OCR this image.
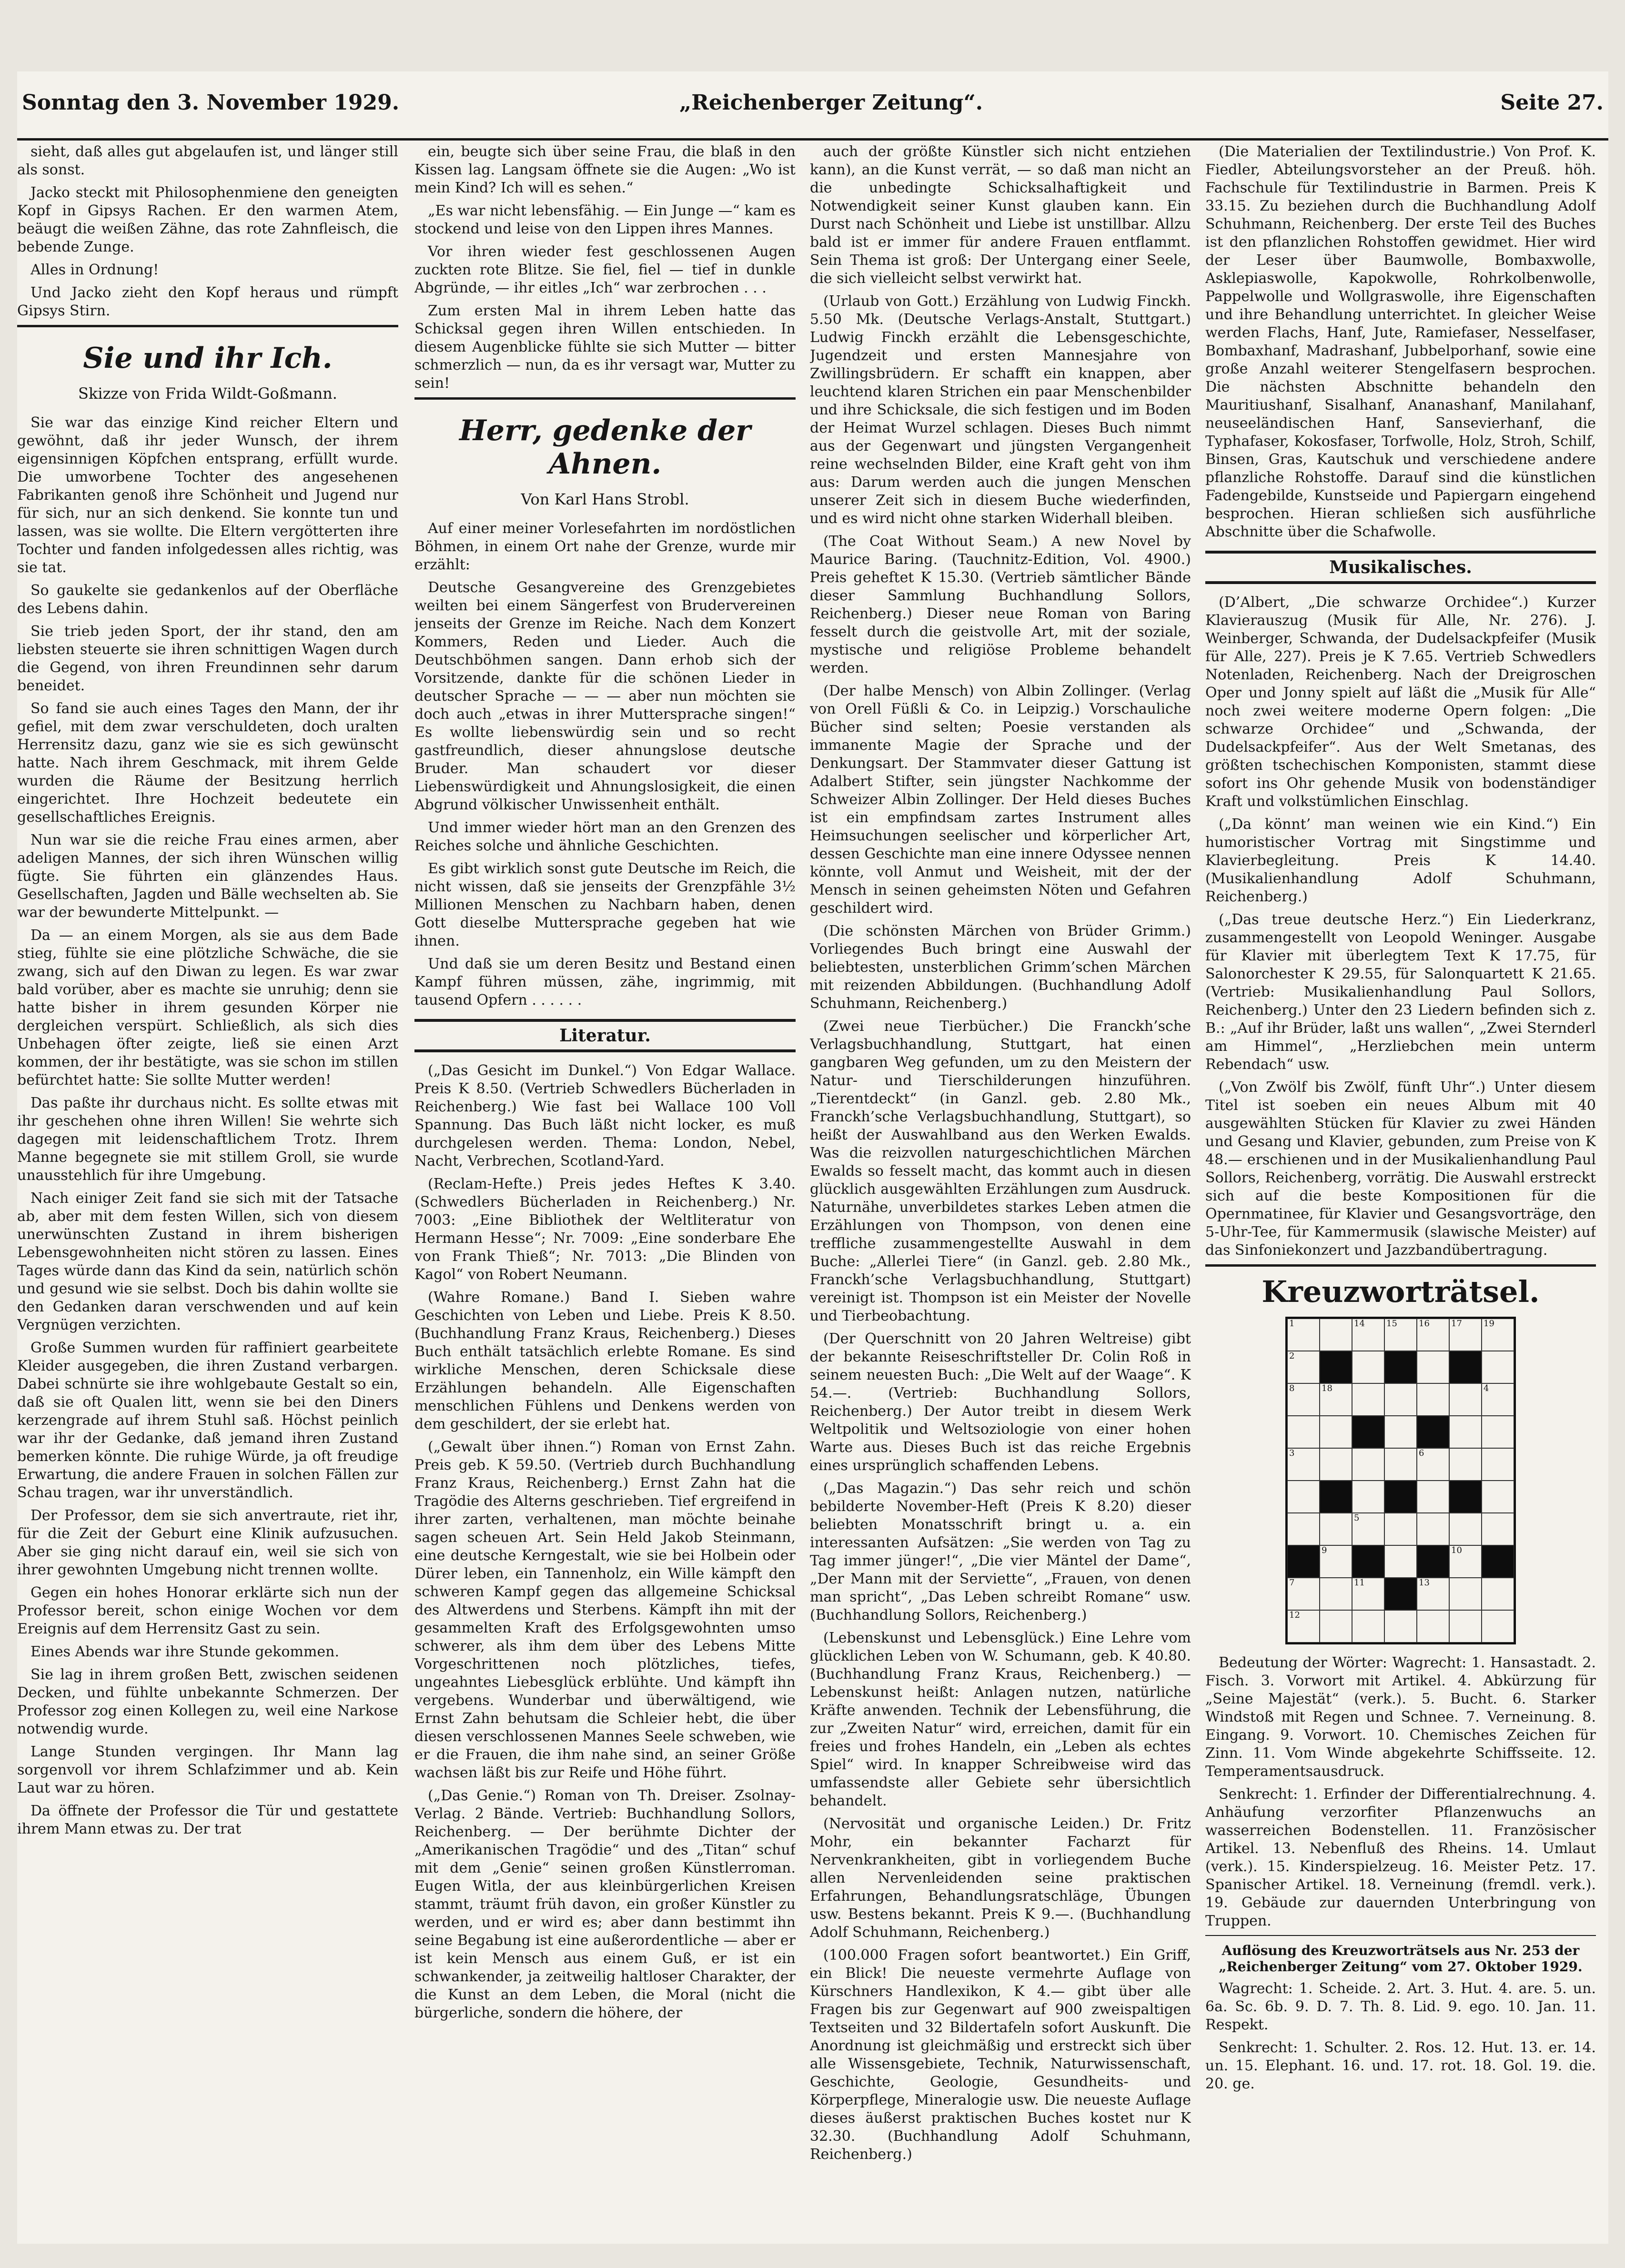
Sonntag den 3. November 1929.	„Reichenberger Zeitung“.	Seite 27.

sieht, daß alles gut abgelaufen ist, und länger still als sonst.

Jacko steckt mit Philosophenmiene den geneigten Kopf in Gipsys Rachen. Er den warmen Atem, beäugt die weißen Zähne, das rote Zahnfleisch, die bebende Zunge.

Alles in Ordnung!

Und Jacko zieht den Kopf heraus und rümpft Gipsys Stirn.

Sie und ihr Ich.
Skizze von Frida Wildt-Goßmann.

Sie war das einzige Kind reicher Eltern und gewöhnt, daß ihr jeder Wunsch, der ihrem eigensinnigen Köpfchen entsprang, erfüllt wurde. Die umworbene Tochter des angesehenen Fabrikanten genoß ihre Schönheit und Jugend nur für sich, nur an sich denkend. Sie konnte tun und lassen, was sie wollte. Die Eltern vergötterten ihre Tochter und fanden infolgedessen alles richtig, was sie tat.

So gaukelte sie gedankenlos auf der Oberfläche des Lebens dahin.

Sie trieb jeden Sport, der ihr stand, den am liebsten steuerte sie ihren schnittigen Wagen durch die Gegend, von ihren Freundinnen sehr darum beneidet.

So fand sie auch eines Tages den Mann, der ihr gefiel, mit dem zwar verschuldeten, doch uralten Herrensitz dazu, ganz wie sie es sich gewünscht hatte. Nach ihrem Geschmack, mit ihrem Gelde wurden die Räume der Besitzung herrlich eingerichtet. Ihre Hochzeit bedeutete ein gesellschaftliches Ereignis.

Nun war sie die reiche Frau eines armen, aber adeligen Mannes, der sich ihren Wünschen willig fügte. Sie führten ein glänzendes Haus. Gesellschaften, Jagden und Bälle wechselten ab. Sie war der bewunderte Mittelpunkt. —

Da — an einem Morgen, als sie aus dem Bade stieg, fühlte sie eine plötzliche Schwäche, die sie zwang, sich auf den Diwan zu legen. Es war zwar bald vorüber, aber es machte sie unruhig; denn sie hatte bisher in ihrem gesunden Körper nie dergleichen verspürt. Schließlich, als sich dies Unbehagen öfter zeigte, ließ sie einen Arzt kommen, der ihr bestätigte, was sie schon im stillen befürchtet hatte: Sie sollte Mutter werden!

Das paßte ihr durchaus nicht. Es sollte etwas mit ihr geschehen ohne ihren Willen! Sie wehrte sich dagegen mit leidenschaftlichem Trotz. Ihrem Manne begegnete sie mit stillem Groll, sie wurde unausstehlich für ihre Umgebung.

Nach einiger Zeit fand sie sich mit der Tatsache ab, aber mit dem festen Willen, sich von diesem unerwünschten Zustand in ihrem bisherigen Lebensgewohnheiten nicht stören zu lassen. Eines Tages würde dann das Kind da sein, natürlich schön und gesund wie sie selbst. Doch bis dahin wollte sie den Gedanken daran verschwenden und auf kein Vergnügen verzichten.

Große Summen wurden für raffiniert gearbeitete Kleider ausgegeben, die ihren Zustand verbargen. Dabei schnürte sie ihre wohlgebaute Gestalt so ein, daß sie oft Qualen litt, wenn sie bei den Diners kerzengrade auf ihrem Stuhl saß. Höchst peinlich war ihr der Gedanke, daß jemand ihren Zustand bemerken könnte. Die ruhige Würde, ja oft freudige Erwartung, die andere Frauen in solchen Fällen zur Schau tragen, war ihr unverständlich.

Der Professor, dem sie sich anvertraute, riet ihr, für die Zeit der Geburt eine Klinik aufzusuchen. Aber sie ging nicht darauf ein, weil sie sich von ihrer gewohnten Umgebung nicht trennen wollte.

Gegen ein hohes Honorar erklärte sich nun der Professor bereit, schon einige Wochen vor dem Ereignis auf dem Herrensitz Gast zu sein.

Eines Abends war ihre Stunde gekommen.

Sie lag in ihrem großen Bett, zwischen seidenen Decken, und fühlte unbekannte Schmerzen. Der Professor zog einen Kollegen zu, weil eine Narkose notwendig wurde.

Lange Stunden vergingen. Ihr Mann lag sorgenvoll vor ihrem Schlafzimmer und ab. Kein Laut war zu hören.

Da öffnete der Professor die Tür und gestattete ihrem Mann etwas zu. Der trat

ein, beugte sich über seine Frau, die blaß in den Kissen lag. Langsam öffnete sie die Augen: „Wo ist mein Kind? Ich will es sehen.“

„Es war nicht lebensfähig. — Ein Junge —“ kam es stockend und leise von den Lippen ihres Mannes.

Vor ihren wieder fest geschlossenen Augen zuckten rote Blitze. Sie fiel, fiel — tief in dunkle Abgründe, — ihr eitles „Ich“ war zerbrochen . . .

Zum ersten Mal in ihrem Leben hatte das Schicksal gegen ihren Willen entschieden. In diesem Augenblicke fühlte sie sich Mutter — bitter schmerzlich — nun, da es ihr versagt war, Mutter zu sein!

Herr, gedenke der Ahnen.
Von Karl Hans Strobl.

Auf einer meiner Vorlesefahrten im nordöstlichen Böhmen, in einem Ort nahe der Grenze, wurde mir erzählt:

Deutsche Gesangvereine des Grenzgebietes weilten bei einem Sängerfest von Brudervereinen jenseits der Grenze im Reiche. Nach dem Konzert Kommers, Reden und Lieder. Auch die Deutschböhmen sangen. Dann erhob sich der Vorsitzende, dankte für die schönen Lieder in deutscher Sprache — — — aber nun möchten sie doch auch „etwas in ihrer Muttersprache singen!“ Es wollte liebenswürdig sein und so recht gastfreundlich, dieser ahnungslose deutsche Bruder. Man schaudert vor dieser Liebenswürdigkeit und Ahnungslosigkeit, die einen Abgrund völkischer Unwissenheit enthält.

Und immer wieder hört man an den Grenzen des Reiches solche und ähnliche Geschichten.

Es gibt wirklich sonst gute Deutsche im Reich, die nicht wissen, daß sie jenseits der Grenzpfähle 3½ Millionen Menschen zu Nachbarn haben, denen Gott dieselbe Muttersprache gegeben hat wie ihnen.

Und daß sie um deren Besitz und Bestand einen Kampf führen müssen, zähe, ingrimmig, mit tausend Opfern . . . . . .

Literatur.

(„Das Gesicht im Dunkel.“) Von Edgar Wallace. Preis K 8.50. (Vertrieb Schwedlers Bücherladen in Reichenberg.) Wie fast bei Wallace 100 Voll Spannung. Das Buch läßt nicht locker, es muß durchgelesen werden. Thema: London, Nebel, Nacht, Verbrechen, Scotland-Yard.

(Reclam-Hefte.) Preis jedes Heftes K 3.40. (Schwedlers Bücherladen in Reichenberg.) Nr. 7003: „Eine Bibliothek der Weltliteratur von Hermann Hesse“; Nr. 7009: „Eine sonderbare Ehe von Frank Thieß“; Nr. 7013: „Die Blinden von Kagol“ von Robert Neumann.

(Wahre Romane.) Band I. Sieben wahre Geschichten von Leben und Liebe. Preis K 8.50. (Buchhandlung Franz Kraus, Reichenberg.) Dieses Buch enthält tatsächlich erlebte Romane. Es sind wirkliche Menschen, deren Schicksale diese Erzählungen behandeln. Alle Eigenschaften menschlichen Fühlens und Denkens werden von dem geschildert, der sie erlebt hat.

(„Gewalt über ihnen.“) Roman von Ernst Zahn. Preis geb. K 59.50. (Vertrieb durch Buchhandlung Franz Kraus, Reichenberg.) Ernst Zahn hat die Tragödie des Alterns geschrieben. Tief ergreifend in ihrer zarten, verhaltenen, man möchte beinahe sagen scheuen Art. Sein Held Jakob Steinmann, eine deutsche Kerngestalt, wie sie bei Holbein oder Dürer leben, ein Tannenholz, ein Wille kämpft den schweren Kampf gegen das allgemeine Schicksal des Altwerdens und Sterbens. Kämpft ihn mit der gesammelten Kraft des Erfolgsgewohnten umso schwerer, als ihm dem über des Lebens Mitte Vorgeschrittenen noch plötzliches, tiefes, ungeahntes Liebesglück erblühte. Und kämpft ihn vergebens. Wunderbar und überwältigend, wie Ernst Zahn behutsam die Schleier hebt, die über diesen verschlossenen Mannes Seele schweben, wie er die Frauen, die ihm nahe sind, an seiner Größe wachsen läßt bis zur Reife und Höhe führt.

(„Das Genie.“) Roman von Th. Dreiser. Zsolnay-Verlag. 2 Bände. Vertrieb: Buchhandlung Sollors, Reichenberg. — Der berühmte Dichter der „Amerikanischen Tragödie“ und des „Titan“ schuf mit dem „Genie“ seinen großen Künstlerroman. Eugen Witla, der aus kleinbürgerlichen Kreisen stammt, träumt früh davon, ein großer Künstler zu werden, und er wird es; aber dann bestimmt ihn seine Begabung ist eine außerordentliche — aber er ist kein Mensch aus einem Guß, er ist ein schwankender, ja zeitweilig haltloser Charakter, der die Kunst an dem Leben, die Moral (nicht die bürgerliche, sondern die höhere, der

auch der größte Künstler sich nicht entziehen kann), an die Kunst verrät, — so daß man nicht an die unbedingte Schicksalhaftigkeit und Notwendigkeit seiner Kunst glauben kann. Ein Durst nach Schönheit und Liebe ist unstillbar. Allzu bald ist er immer für andere Frauen entflammt. Sein Thema ist groß: Der Untergang einer Seele, die sich vielleicht selbst verwirkt hat.

(Urlaub von Gott.) Erzählung von Ludwig Finckh. 5.50 Mk. (Deutsche Verlags-Anstalt, Stuttgart.) Ludwig Finckh erzählt die Lebensgeschichte, Jugendzeit und ersten Mannesjahre von Zwillingsbrüdern. Er schafft ein knappen, aber leuchtend klaren Strichen ein paar Menschenbilder und ihre Schicksale, die sich festigen und im Boden der Heimat Wurzel schlagen. Dieses Buch nimmt aus der Gegenwart und jüngsten Vergangenheit reine wechselnden Bilder, eine Kraft geht von ihm aus: Darum werden auch die jungen Menschen unserer Zeit sich in diesem Buche wiederfinden, und es wird nicht ohne starken Widerhall bleiben.

(The Coat Without Seam.) A new Novel by Maurice Baring. (Tauchnitz-Edition, Vol. 4900.) Preis geheftet K 15.30. (Vertrieb sämtlicher Bände dieser Sammlung Buchhandlung Sollors, Reichenberg.) Dieser neue Roman von Baring fesselt durch die geistvolle Art, mit der soziale, mystische und religiöse Probleme behandelt werden.

(Der halbe Mensch) von Albin Zollinger. (Verlag von Orell Füßli & Co. in Leipzig.) Vorschauliche Bücher sind selten; Poesie verstanden als immanente Magie der Sprache und der Denkungsart. Der Stammvater dieser Gattung ist Adalbert Stifter, sein jüngster Nachkomme der Schweizer Albin Zollinger. Der Held dieses Buches ist ein empfindsam zartes Instrument alles Heimsuchungen seelischer und körperlicher Art, dessen Geschichte man eine innere Odyssee nennen könnte, voll Anmut und Weisheit, mit der der Mensch in seinen geheimsten Nöten und Gefahren geschildert wird.

(Die schönsten Märchen von Brüder Grimm.) Vorliegendes Buch bringt eine Auswahl der beliebtesten, unsterblichen Grimm’schen Märchen mit reizenden Abbildungen. (Buchhandlung Adolf Schuhmann, Reichenberg.)

(Zwei neue Tierbücher.) Die Franckh’sche Verlagsbuchhandlung, Stuttgart, hat einen gangbaren Weg gefunden, um zu den Meistern der Natur- und Tierschilderungen hinzuführen. „Tierentdeckt“ (in Ganzl. geb. 2.80 Mk., Franckh’sche Verlagsbuchhandlung, Stuttgart), so heißt der Auswahlband aus den Werken Ewalds. Was die reizvollen naturgeschichtlichen Märchen Ewalds so fesselt macht, das kommt auch in diesen glücklich ausgewählten Erzählungen zum Ausdruck. Naturnähe, unverbildetes starkes Leben atmen die Erzählungen von Thompson, von denen eine treffliche zusammengestellte Auswahl in dem Buche: „Allerlei Tiere“ (in Ganzl. geb. 2.80 Mk., Franckh’sche Verlagsbuchhandlung, Stuttgart) vereinigt ist. Thompson ist ein Meister der Novelle und Tierbeobachtung.

(Der Querschnitt von 20 Jahren Weltreise) gibt der bekannte Reiseschriftsteller Dr. Colin Roß in seinem neuesten Buch: „Die Welt auf der Waage“. K 54.—. (Vertrieb: Buchhandlung Sollors, Reichenberg.) Der Autor treibt in diesem Werk Weltpolitik und Weltsoziologie von einer hohen Warte aus. Dieses Buch ist das reiche Ergebnis eines ursprünglich schaffenden Lebens.

(„Das Magazin.“) Das sehr reich und schön bebilderte November-Heft (Preis K 8.20) dieser beliebten Monatsschrift bringt u. a. ein interessanten Aufsätzen: „Sie werden von Tag zu Tag immer jünger!“, „Die vier Mäntel der Dame“, „Der Mann mit der Serviette“, „Frauen, von denen man spricht“, „Das Leben schreibt Romane“ usw. (Buchhandlung Sollors, Reichenberg.)

(Lebenskunst und Lebensglück.) Eine Lehre vom glücklichen Leben von W. Schumann, geb. K 40.80. (Buchhandlung Franz Kraus, Reichenberg.) — Lebenskunst heißt: Anlagen nutzen, natürliche Kräfte anwenden. Technik der Lebensführung, die zur „Zweiten Natur“ wird, erreichen, damit für ein freies und frohes Handeln, ein „Leben als echtes Spiel“ wird. In knapper Schreibweise wird das umfassendste aller Gebiete sehr übersichtlich behandelt.

(Nervosität und organische Leiden.) Dr. Fritz Mohr, ein bekannter Facharzt für Nervenkrankheiten, gibt in vorliegendem Buche allen Nervenleidenden seine praktischen Erfahrungen, Behandlungsratschläge, Übungen usw. Bestens bekannt. Preis K 9.—. (Buchhandlung Adolf Schuhmann, Reichenberg.)

(100.000 Fragen sofort beantwortet.) Ein Griff, ein Blick! Die neueste vermehrte Auflage von Kürschners Handlexikon, K 4.— gibt über alle Fragen bis zur Gegenwart auf 900 zweispaltigen Textseiten und 32 Bildertafeln sofort Auskunft. Die Anordnung ist gleichmäßig und erstreckt sich über alle Wissensgebiete, Technik, Naturwissenschaft, Geschichte, Geologie, Gesundheits- und Körperpflege, Mineralogie usw. Die neueste Auflage dieses äußerst praktischen Buches kostet nur K 32.30. (Buchhandlung Adolf Schuhmann, Reichenberg.)

(Die Materialien der Textilindustrie.) Von Prof. K. Fiedler, Abteilungsvorsteher an der Preuß. höh. Fachschule für Textilindustrie in Barmen. Preis K 33.15. Zu beziehen durch die Buchhandlung Adolf Schuhmann, Reichenberg. Der erste Teil des Buches ist den pflanzlichen Rohstoffen gewidmet. Hier wird der Leser über Baumwolle, Bombaxwolle, Asklepiaswolle, Kapokwolle, Rohrkolbenwolle, Pappelwolle und Wollgraswolle, ihre Eigenschaften und ihre Behandlung unterrichtet. In gleicher Weise werden Flachs, Hanf, Jute, Ramiefaser, Nesselfaser, Bombaxhanf, Madrashanf, Jubbelporhanf, sowie eine große Anzahl weiterer Stengelfasern besprochen. Die nächsten Abschnitte behandeln den Mauritiushanf, Sisalhanf, Ananashanf, Manilahanf, neuseeländischen Hanf, Sansevierhanf, die Typhafaser, Kokosfaser, Torfwolle, Holz, Stroh, Schilf, Binsen, Gras, Kautschuk und verschiedene andere pflanzliche Rohstoffe. Darauf sind die künstlichen Fadengebilde, Kunstseide und Papiergarn eingehend besprochen. Hieran schließen sich ausführliche Abschnitte über die Schafwolle.

Musikalisches.

(D’Albert, „Die schwarze Orchidee“.) Kurzer Klavierauszug (Musik für Alle, Nr. 276). J. Weinberger, Schwanda, der Dudelsackpfeifer (Musik für Alle, 227). Preis je K 7.65. Vertrieb Schwedlers Notenladen, Reichenberg. Nach der Dreigroschen Oper und Jonny spielt auf läßt die „Musik für Alle“ noch zwei weitere moderne Opern folgen: „Die schwarze Orchidee“ und „Schwanda, der Dudelsackpfeifer“. Aus der Welt Smetanas, des größten tschechischen Komponisten, stammt diese sofort ins Ohr gehende Musik von bodenständiger Kraft und volkstümlichen Einschlag.

(„Da könnt’ man weinen wie ein Kind.“) Ein humoristischer Vortrag mit Singstimme und Klavierbegleitung. Preis K 14.40. (Musikalienhandlung Adolf Schuhmann, Reichenberg.)

(„Das treue deutsche Herz.“) Ein Liederkranz, zusammengestellt von Leopold Weninger. Ausgabe für Klavier mit überlegtem Text K 17.75, für Salonorchester K 29.55, für Salonquartett K 21.65. (Vertrieb: Musikalienhandlung Paul Sollors, Reichenberg.) Unter den 23 Liedern befinden sich z. B.: „Auf ihr Brüder, laßt uns wallen“, „Zwei Sternderl am Himmel“, „Herzliebchen mein unterm Rebendach“ usw.

(„Von Zwölf bis Zwölf, fünft Uhr“.) Unter diesem Titel ist soeben ein neues Album mit 40 ausgewählten Stücken für Klavier zu zwei Händen und Gesang und Klavier, gebunden, zum Preise von K 48.— erschienen und in der Musikalienhandlung Paul Sollors, Reichenberg, vorrätig. Die Auswahl erstreckt sich auf die beste Kompositionen für die Opernmatinee, für Klavier und Gesangsvorträge, den 5-Uhr-Tee, für Kammermusik (slawische Meister) auf das Sinfoniekonzert und Jazzbandübertragung.

Kreuzworträtsel.
1	14	15	16	17	19
2
8	18	4
3	6
5
9	10
7	11	13
12

Bedeutung der Wörter: Wagrecht: 1. Hansastadt. 2. Fisch. 3. Vorwort mit Artikel. 4. Abkürzung für „Seine Majestät“ (verk.). 5. Bucht. 6. Starker Windstoß mit Regen und Schnee. 7. Verneinung. 8. Eingang. 9. Vorwort. 10. Chemisches Zeichen für Zinn. 11. Vom Winde abgekehrte Schiffsseite. 12. Temperamentsausdruck.

Senkrecht: 1. Erfinder der Differentialrechnung. 4. Anhäufung verzorfiter Pflanzenwuchs an wasserreichen Bodenstellen. 11. Französischer Artikel. 13. Nebenfluß des Rheins. 14. Umlaut (verk.). 15. Kinderspielzeug. 16. Meister Petz. 17. Spanischer Artikel. 18. Verneinung (fremdl. verk.). 19. Gebäude zur dauernden Unterbringung von Truppen.

Auflösung des Kreuzworträtsels aus Nr. 253 der „Reichenberger Zeitung“ vom 27. Oktober 1929.

Wagrecht: 1. Scheide. 2. Art. 3. Hut. 4. are. 5. un. 6a. Sc. 6b. 9. D. 7. Th. 8. Lid. 9. ego. 10. Jan. 11. Respekt.

Senkrecht: 1. Schulter. 2. Ros. 12. Hut. 13. er. 14. un. 15. Elephant. 16. und. 17. rot. 18. Gol. 19. die. 20. ge.
